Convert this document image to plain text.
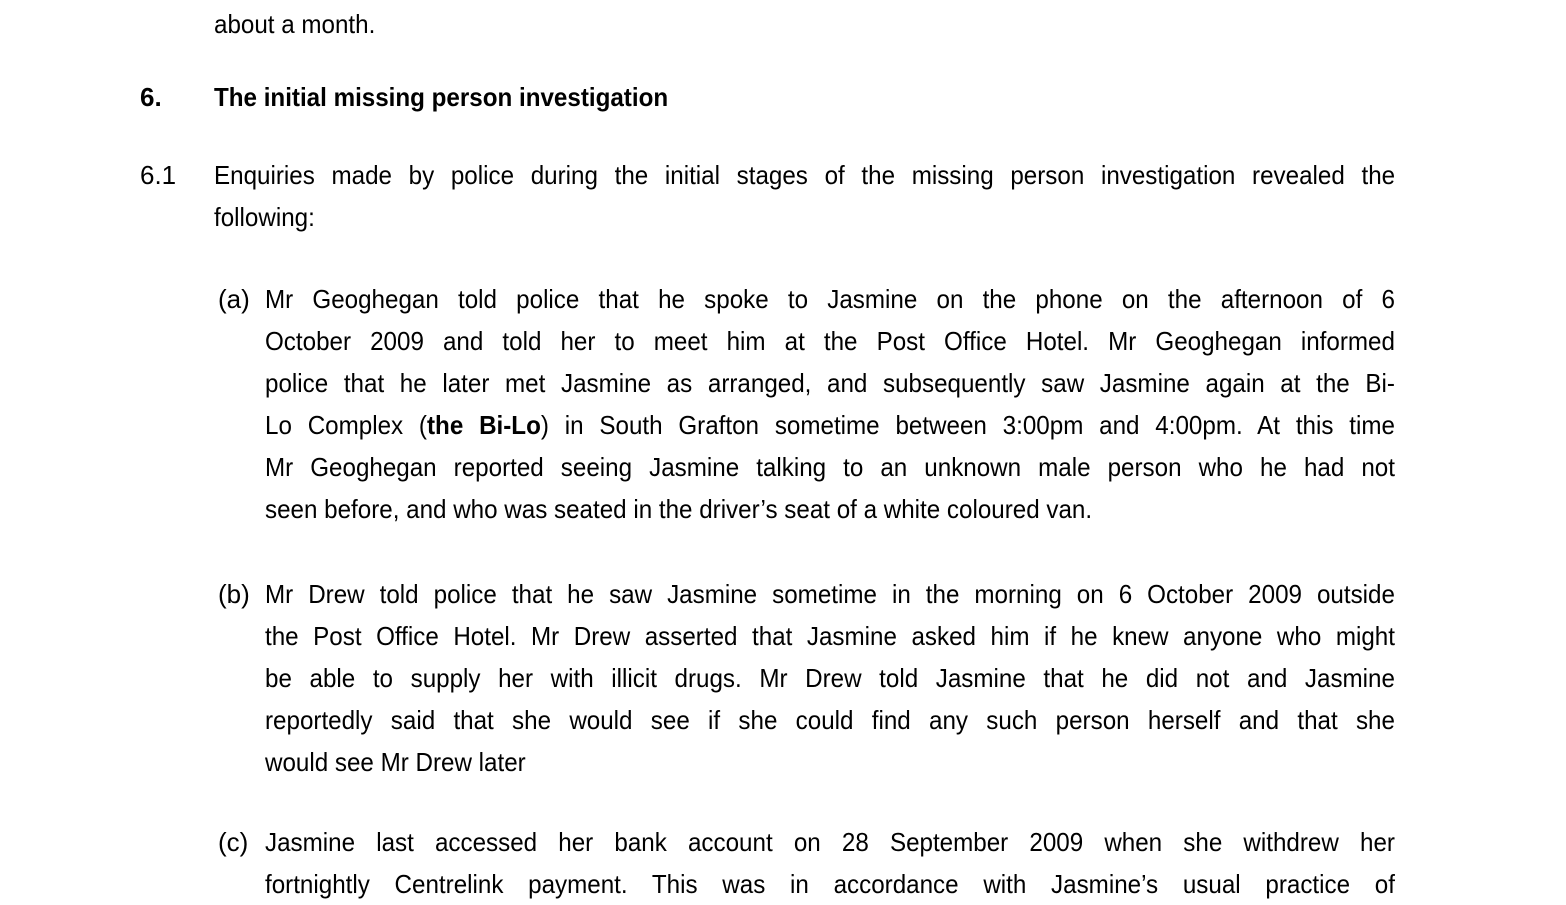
about a month.
6.	The initial missing person investigation
6.1	Enquiries made by police during the initial stages of the missing person investigation revealed the
following:
(a) Mr Geoghegan told police that he spoke to Jasmine on the phone on the afternoon of 6
October 2009 and told her to meet him at the Post Office Hotel. Mr Geoghegan informed
police that he later met Jasmine as arranged, and subsequently saw Jasmine again at the Bi-
Lo Complex (the Bi-Lo) in South Grafton sometime between 3:00pm and 4:00pm. At this time
Mr Geoghegan reported seeing Jasmine talking to an unknown male person who he had not
seen before, and who was seated in the driver’s seat of a white coloured van.
(b) Mr Drew told police that he saw Jasmine sometime in the morning on 6 October 2009 outside
the Post Office Hotel. Mr Drew asserted that Jasmine asked him if he knew anyone who might
be able to supply her with illicit drugs. Mr Drew told Jasmine that he did not and Jasmine
reportedly said that she would see if she could find any such person herself and that she
would see Mr Drew later
(c) Jasmine last accessed her bank account on 28 September 2009 when she withdrew her
fortnightly Centrelink payment. This was in accordance with Jasmine’s usual practice of
